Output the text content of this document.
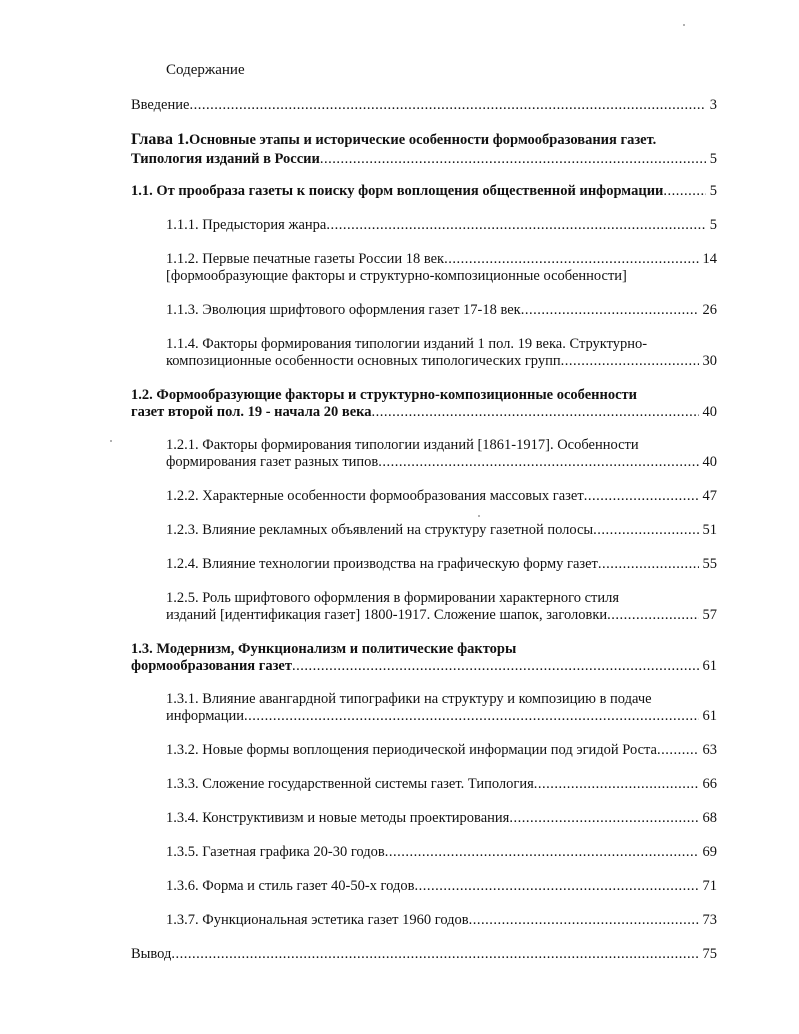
Содержание
Введение .....	3
Глава 1. Основные этапы и исторические особенности формообразования газет.
Типология изданий в России .....	5
1.1. От прообраза газеты к поиску форм воплощения общественной информации .....	5
1.1.1. Предыстория жанра .....	5
1.1.2. Первые печатные газеты России 18 век .....	14
[формообразующие факторы и структурно-композиционные особенности]
1.1.3. Эволюция шрифтового оформления газет 17-18 век .....	26
1.1.4. Факторы формирования типологии изданий 1 пол. 19 века. Структурно-
композиционные особенности основных типологических групп .....	30
1.2. Формообразующие факторы и структурно-композиционные особенности
газет второй пол. 19 - начала 20 века .....	40
1.2.1. Факторы формирования типологии изданий [1861-1917]. Особенности
формирования газет разных типов .....	40
1.2.2. Характерные особенности формообразования массовых газет .....	47
1.2.3. Влияние рекламных объявлений на структуру газетной полосы .....	51
1.2.4. Влияние технологии производства на графическую форму газет .....	55
1.2.5. Роль шрифтового оформления в формировании характерного стиля
изданий [идентификация газет] 1800-1917. Сложение шапок, заголовки .....	57
1.3. Модернизм, Функционализм и политические факторы
формообразования газет .....	61
1.3.1. Влияние авангардной типографики на структуру и композицию в подаче
информации .....	61
1.3.2. Новые формы воплощения периодической информации под эгидой Роста .....	63
1.3.3. Сложение государственной системы газет. Типология .....	66
1.3.4. Конструктивизм и новые методы проектирования .....	68
1.3.5. Газетная графика 20-30 годов .....	69
1.3.6. Форма и стиль газет 40-50-х годов .....	71
1.3.7. Функциональная эстетика газет 1960 годов .....	73
Вывод .....	75
